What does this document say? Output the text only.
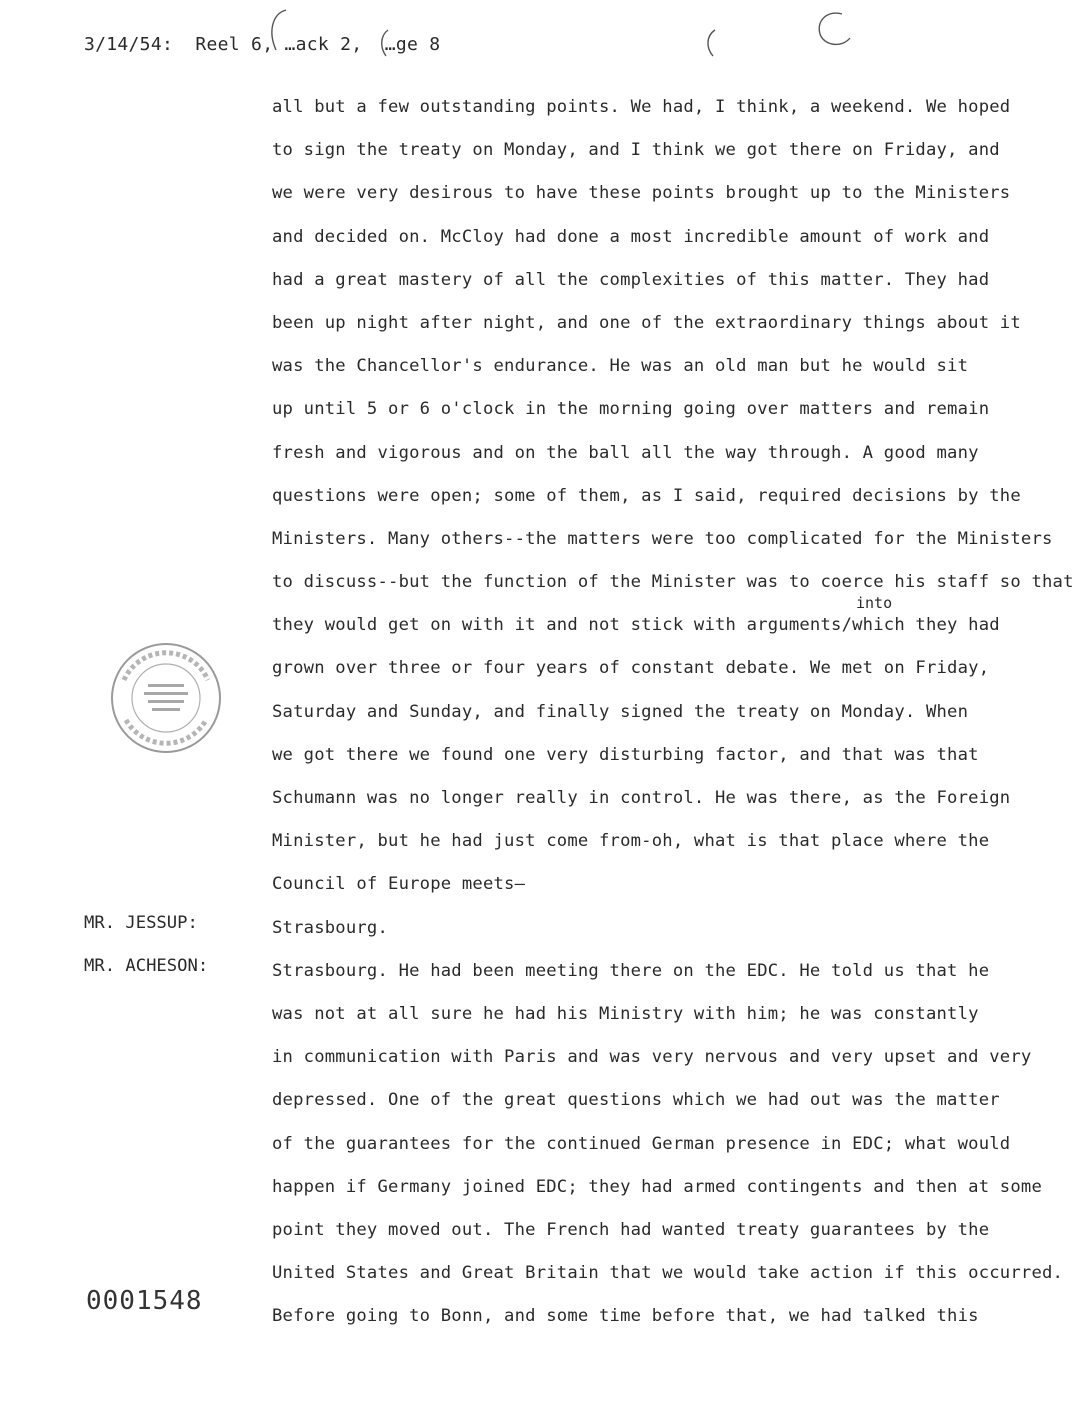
3/14/54:  Reel 6, …ack 2,  …ge 8
all but a few outstanding points. We had, I think, a weekend. We hoped
to sign the treaty on Monday, and I think we got there on Friday, and
we were very desirous to have these points brought up to the Ministers
and decided on. McCloy had done a most incredible amount of work and
had a great mastery of all the complexities of this matter. They had
been up night after night, and one of the extraordinary things about it
was the Chancellor's endurance. He was an old man but he would sit
up until 5 or 6 o'clock in the morning going over matters and remain
fresh and vigorous and on the ball all the way through. A good many
questions were open; some of them, as I said, required decisions by the
Ministers. Many others--the matters were too complicated for the Ministers
to discuss--but the function of the Minister was to coerce his staff so that
they would get on with it and not stick with arguments/which they had
grown over three or four years of constant debate. We met on Friday,
Saturday and Sunday, and finally signed the treaty on Monday. When
we got there we found one very disturbing factor, and that was that
Schumann was no longer really in control. He was there, as the Foreign
Minister, but he had just come from-oh, what is that place where the
Council of Europe meets—
Strasbourg.
Strasbourg. He had been meeting there on the EDC. He told us that he
was not at all sure he had his Ministry with him; he was constantly
in communication with Paris and was very nervous and very upset and very
depressed. One of the great questions which we had out was the matter
of the guarantees for the continued German presence in EDC; what would
happen if Germany joined EDC; they had armed contingents and then at some
point they moved out. The French had wanted treaty guarantees by the
United States and Great Britain that we would take action if this occurred.
Before going to Bonn, and some time before that, we had talked this
into
MR. JESSUP:
MR. ACHESON:
0001548
